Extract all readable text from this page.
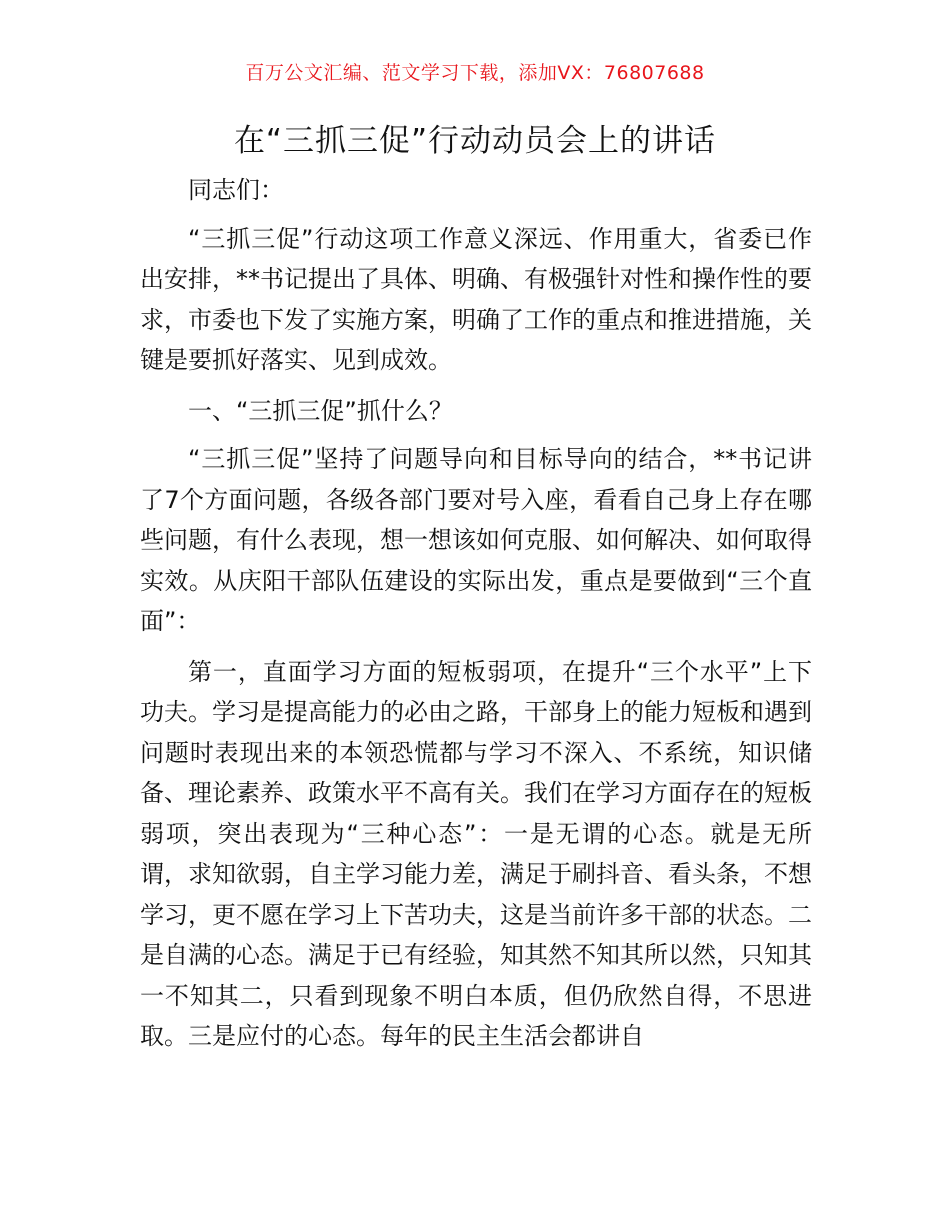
百万公文汇编、范文学习下载，添加VX：76807688
在“三抓三促”行动动员会上的讲话

同志们：

“三抓三促”行动这项工作意义深远、作用重大，省委已作出安排，**书记提出了具体、明确、有极强针对性和操作性的要求，市委也下发了实施方案，明确了工作的重点和推进措施，关键是要抓好落实、见到成效。

一、“三抓三促”抓什么？

“三抓三促”坚持了问题导向和目标导向的结合，**书记讲了7个方面问题，各级各部门要对号入座，看看自己身上存在哪些问题，有什么表现，想一想该如何克服、如何解决、如何取得实效。从庆阳干部队伍建设的实际出发，重点是要做到“三个直面”：

第一，直面学习方面的短板弱项，在提升“三个水平”上下功夫。学习是提高能力的必由之路，干部身上的能力短板和遇到问题时表现出来的本领恐慌都与学习不深入、不系统，知识储备、理论素养、政策水平不高有关。我们在学习方面存在的短板弱项，突出表现为“三种心态”：一是无谓的心态。就是无所谓，求知欲弱，自主学习能力差，满足于刷抖音、看头条，不想学习，更不愿在学习上下苦功夫，这是当前许多干部的状态。二是自满的心态。满足于已有经验，知其然不知其所以然，只知其一不知其二，只看到现象不明白本质，但仍欣然自得，不思进取。三是应付的心态。每年的民主生活会都讲自
